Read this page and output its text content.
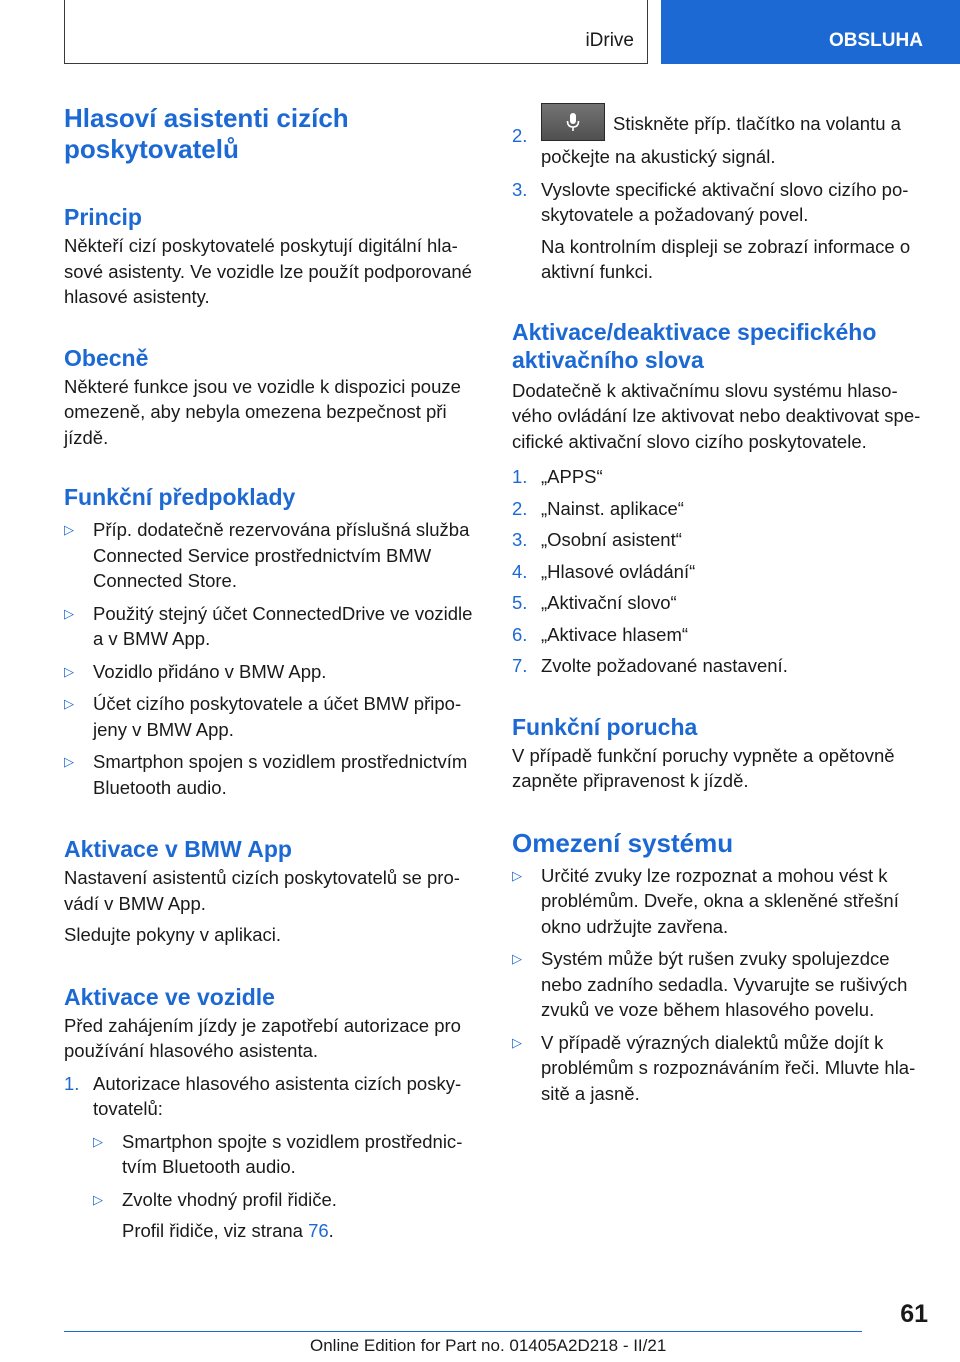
iDrive	OBSLUHA
Hlasoví asistenti cizích poskytovatelů
Princip

Někteří cizí poskytovatelé poskytují digitální hlasové asistenty. Ve vozidle lze použít podporované hlasové asistenty.

Obecně

Některé funkce jsou ve vozidle k dispozici pouze omezeně, aby nebyla omezena bezpečnost při jízdě.

Funkční předpoklady
▷ Příp. dodatečně rezervována příslušná služba Connected Service prostřednictvím BMW Connected Store.
▷ Použitý stejný účet ConnectedDrive ve vozidle a v BMW App.
▷ Vozidlo přidáno v BMW App.
▷ Účet cizího poskytovatele a účet BMW připojeny v BMW App.
▷ Smartphon spojen s vozidlem prostřednictvím Bluetooth audio.
Aktivace v BMW App

Nastavení asistentů cizích poskytovatelů se provádí v BMW App.

Sledujte pokyny v aplikaci.

Aktivace ve vozidle

Před zahájením jízdy je zapotřebí autorizace pro používání hlasového asistenta.

1. Autorizace hlasového asistenta cizích poskytovatelů:
▷ Smartphon spojte s vozidlem prostřednictvím Bluetooth audio.
▷ Zvolte vhodný profil řidiče.

Profil řidiče, viz strana 76.

2.
Stiskněte příp. tlačítko na volantu a počkejte na akustický signál.
3. Vyslovte specifické aktivační slovo cizího poskytovatele a požadovaný povel.

Na kontrolním displeji se zobrazí informace o aktivní funkci.

Aktivace/deaktivace specifického aktivačního slova

Dodatečně k aktivačnímu slovu systému hlasového ovládání lze aktivovat nebo deaktivovat specifické aktivační slovo cizího poskytovatele.

1. „APPS“
2. „Nainst. aplikace“
3. „Osobní asistent“
4. „Hlasové ovládání“
5. „Aktivační slovo“
6. „Aktivace hlasem“
7. Zvolte požadované nastavení.
Funkční porucha

V případě funkční poruchy vypněte a opětovně zapněte připravenost k jízdě.

Omezení systému
▷ Určité zvuky lze rozpoznat a mohou vést k problémům. Dveře, okna a skleněné střešní okno udržujte zavřena.
▷ Systém může být rušen zvuky spolujezdce nebo zadního sedadla. Vyvarujte se rušivých zvuků ve voze během hlasového povelu.
▷ V případě výrazných dialektů může dojít k problémům s rozpoznáváním řeči. Mluvte hlasitě a jasně.
61
Online Edition for Part no. 01405A2D218 - II/21
